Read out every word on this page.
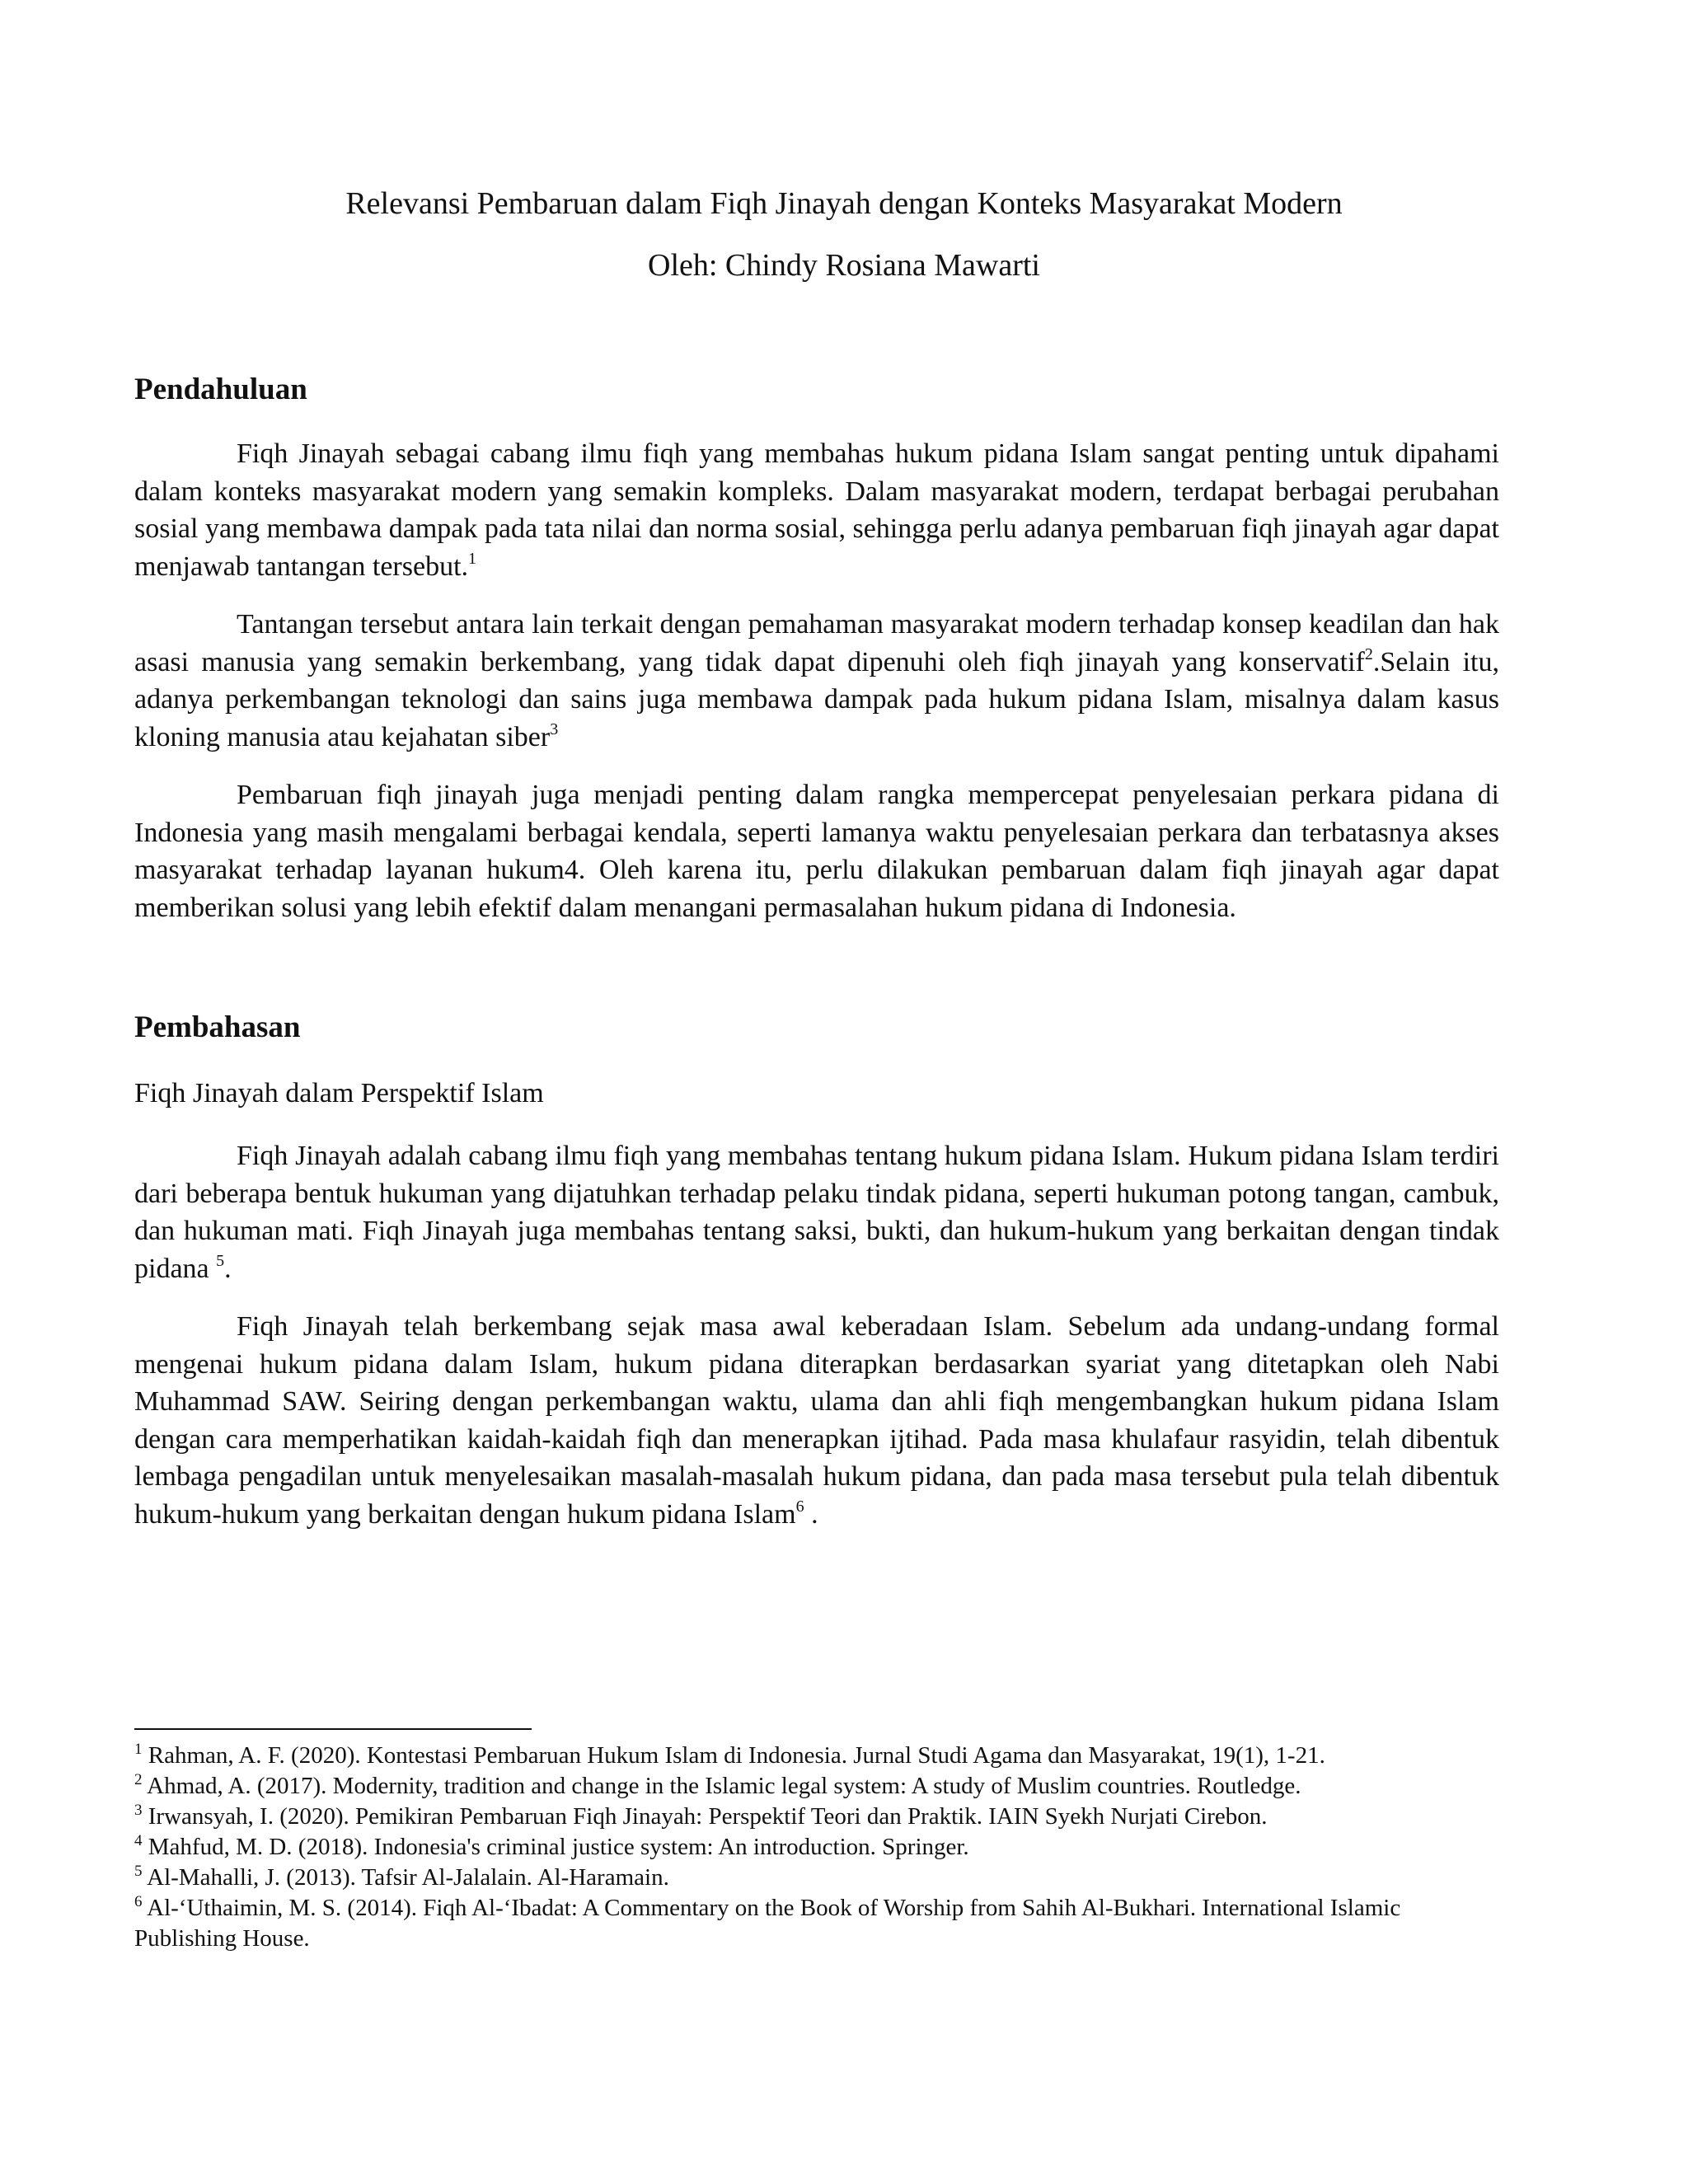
Relevansi Pembaruan dalam Fiqh Jinayah dengan Konteks Masyarakat Modern
Oleh: Chindy Rosiana Mawarti
Pendahuluan

Fiqh Jinayah sebagai cabang ilmu fiqh yang membahas hukum pidana Islam sangat penting untuk dipahami dalam konteks masyarakat modern yang semakin kompleks. Dalam masyarakat modern, terdapat berbagai perubahan sosial yang membawa dampak pada tata nilai dan norma sosial, sehingga perlu adanya pembaruan fiqh jinayah agar dapat menjawab tantangan tersebut.$^1$

Tantangan tersebut antara lain terkait dengan pemahaman masyarakat modern terhadap konsep keadilan dan hak asasi manusia yang semakin berkembang, yang tidak dapat dipenuhi oleh fiqh jinayah yang konservatif$^2$.Selain itu, adanya perkembangan teknologi dan sains juga membawa dampak pada hukum pidana Islam, misalnya dalam kasus kloning manusia atau kejahatan siber$^3$

Pembaruan fiqh jinayah juga menjadi penting dalam rangka mempercepat penyelesaian perkara pidana di Indonesia yang masih mengalami berbagai kendala, seperti lamanya waktu penyelesaian perkara dan terbatasnya akses masyarakat terhadap layanan hukum4. Oleh karena itu, perlu dilakukan pembaruan dalam fiqh jinayah agar dapat memberikan solusi yang lebih efektif dalam menangani permasalahan hukum pidana di Indonesia.

Pembahasan
Fiqh Jinayah dalam Perspektif Islam

Fiqh Jinayah adalah cabang ilmu fiqh yang membahas tentang hukum pidana Islam. Hukum pidana Islam terdiri dari beberapa bentuk hukuman yang dijatuhkan terhadap pelaku tindak pidana, seperti hukuman potong tangan, cambuk, dan hukuman mati. Fiqh Jinayah juga membahas tentang saksi, bukti, dan hukum-hukum yang berkaitan dengan tindak pidana $^5$.

Fiqh Jinayah telah berkembang sejak masa awal keberadaan Islam. Sebelum ada undang-undang formal mengenai hukum pidana dalam Islam, hukum pidana diterapkan berdasarkan syariat yang ditetapkan oleh Nabi Muhammad SAW. Seiring dengan perkembangan waktu, ulama dan ahli fiqh mengembangkan hukum pidana Islam dengan cara memperhatikan kaidah-kaidah fiqh dan menerapkan ijtihad. Pada masa khulafaur rasyidin, telah dibentuk lembaga pengadilan untuk menyelesaikan masalah-masalah hukum pidana, dan pada masa tersebut pula telah dibentuk hukum-hukum yang berkaitan dengan hukum pidana Islam$^6$ .

$^1$ Rahman, A. F. (2020). Kontestasi Pembaruan Hukum Islam di Indonesia. Jurnal Studi Agama dan Masyarakat, 19(1), 1-21.

$^2$ Ahmad, A. (2017). Modernity, tradition and change in the Islamic legal system: A study of Muslim countries. Routledge.

$^3$ Irwansyah, I. (2020). Pemikiran Pembaruan Fiqh Jinayah: Perspektif Teori dan Praktik. IAIN Syekh Nurjati Cirebon.

$^4$ Mahfud, M. D. (2018). Indonesia's criminal justice system: An introduction. Springer.

$^5$ Al-Mahalli, J. (2013). Tafsir Al-Jalalain. Al-Haramain.

$^6$ Al-‘Uthaimin, M. S. (2014). Fiqh Al-‘Ibadat: A Commentary on the Book of Worship from Sahih Al-Bukhari. International Islamic Publishing House.
